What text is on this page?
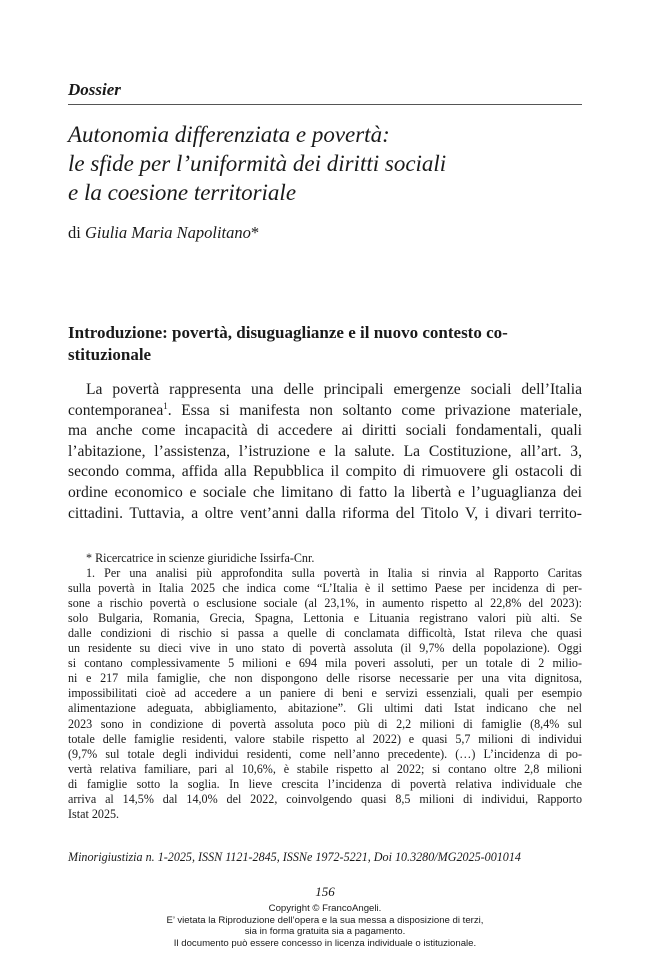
Dossier
Autonomia differenziata e povertà:
le sfide per l’uniformità dei diritti sociali
e la coesione territoriale
di Giulia Maria Napolitano*
Introduzione: povertà, disuguaglianze e il nuovo contesto co-
stituzionale
La povertà rappresenta una delle principali emergenze sociali dell’Italia
contemporanea$^1$. Essa si manifesta non soltanto come privazione materiale,
ma anche come incapacità di accedere ai diritti sociali fondamentali, quali
l’abitazione, l’assistenza, l’istruzione e la salute. La Costituzione, all’art. 3,
secondo comma, affida alla Repubblica il compito di rimuovere gli ostacoli di
ordine economico e sociale che limitano di fatto la libertà e l’uguaglianza dei
cittadini. Tuttavia, a oltre vent’anni dalla riforma del Titolo V, i divari territo-
* Ricercatrice in scienze giuridiche Issirfa-Cnr.
1. Per una analisi più approfondita sulla povertà in Italia si rinvia al Rapporto Caritas
sulla povertà in Italia 2025 che indica come “L’Italia è il settimo Paese per incidenza di per-
sone a rischio povertà o esclusione sociale (al 23,1%, in aumento rispetto al 22,8% del 2023):
solo Bulgaria, Romania, Grecia, Spagna, Lettonia e Lituania registrano valori più alti. Se
dalle condizioni di rischio si passa a quelle di conclamata difficoltà, Istat rileva che quasi
un residente su dieci vive in uno stato di povertà assoluta (il 9,7% della popolazione). Oggi
si contano complessivamente 5 milioni e 694 mila poveri assoluti, per un totale di 2 milio-
ni e 217 mila famiglie, che non dispongono delle risorse necessarie per una vita dignitosa,
impossibilitati cioè ad accedere a un paniere di beni e servizi essenziali, quali per esempio
alimentazione adeguata, abbigliamento, abitazione”. Gli ultimi dati Istat indicano che nel
2023 sono in condizione di povertà assoluta poco più di 2,2 milioni di famiglie (8,4% sul
totale delle famiglie residenti, valore stabile rispetto al 2022) e quasi 5,7 milioni di individui
(9,7% sul totale degli individui residenti, come nell’anno precedente). (…) L’incidenza di po-
vertà relativa familiare, pari al 10,6%, è stabile rispetto al 2022; si contano oltre 2,8 milioni
di famiglie sotto la soglia. In lieve crescita l’incidenza di povertà relativa individuale che
arriva al 14,5% dal 14,0% del 2022, coinvolgendo quasi 8,5 milioni di individui, Rapporto
Istat 2025.
Minorigiustizia n. 1-2025, ISSN 1121-2845, ISSNe 1972-5221, Doi 10.3280/MG2025-001014
156
Copyright © FrancoAngeli.
E’ vietata la Riproduzione dell’opera e la sua messa a disposizione di terzi,
sia in forma gratuita sia a pagamento.
Il documento può essere concesso in licenza individuale o istituzionale.
